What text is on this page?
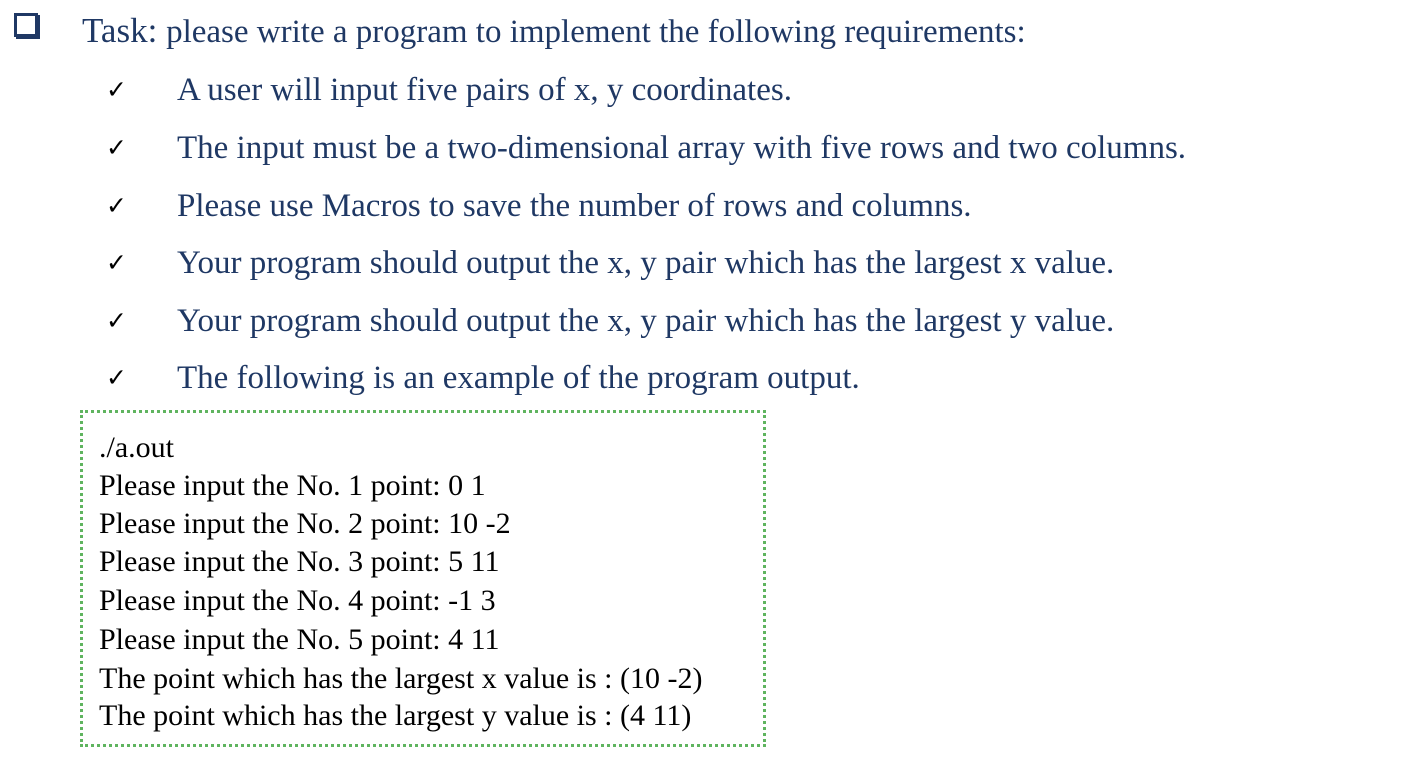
Task: please write a program to implement the following requirements:
✓ A user will input five pairs of x, y coordinates.
✓ The input must be a two-dimensional array with five rows and two columns.
✓ Please use Macros to save the number of rows and columns.
✓ Your program should output the x, y pair which has the largest x value.
✓ Your program should output the x, y pair which has the largest y value.
✓ The following is an example of the program output.
./a.out
Please input the No. 1 point: 0 1
Please input the No. 2 point: 10 -2
Please input the No. 3 point: 5 11
Please input the No. 4 point: -1 3
Please input the No. 5 point: 4 11
The point which has the largest x value is : (10 -2)
The point which has the largest y value is : (4 11)
